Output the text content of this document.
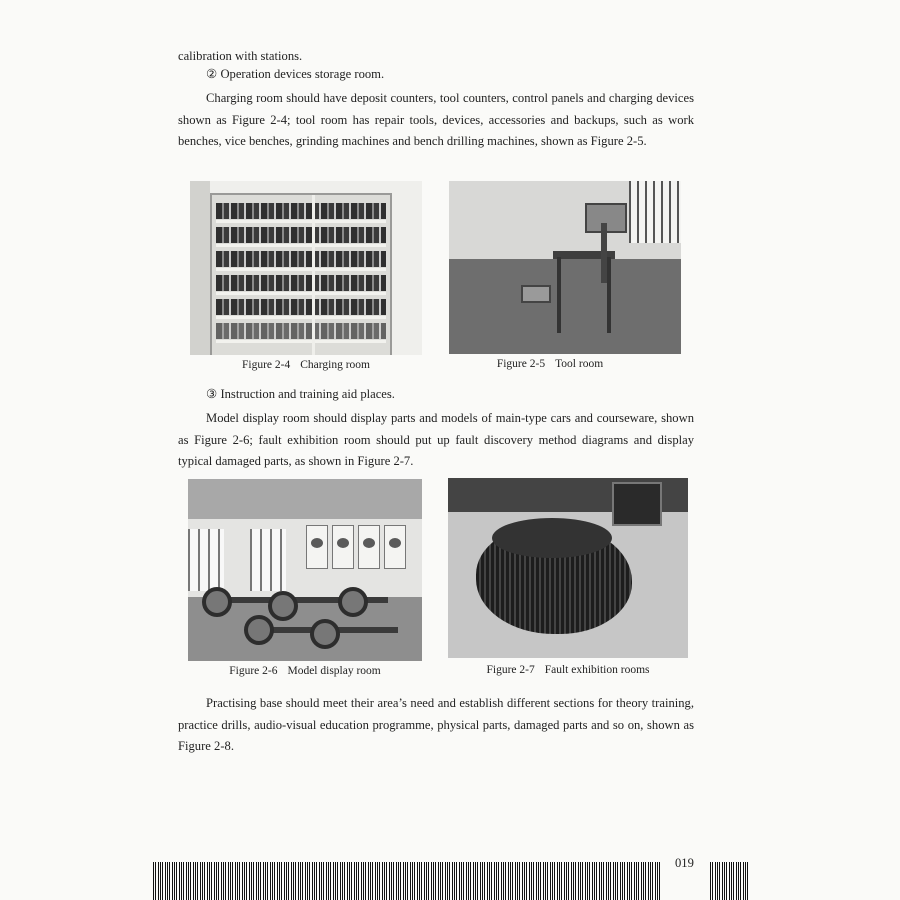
calibration with stations.
② Operation devices storage room.
Charging room should have deposit counters, tool counters, control panels and charging devices shown as Figure 2-4; tool room has repair tools, devices, accessories and backups, such as work benches, vice benches, grinding machines and bench drilling machines, shown as Figure 2-5.
Figure 2-4 Charging room	Figure 2-5 Tool room
③ Instruction and training aid places.
Model display room should display parts and models of main-type cars and courseware, shown as Figure 2-6; fault exhibition room should put up fault discovery method diagrams and display typical damaged parts, as shown in Figure 2-7.
Figure 2-6 Model display room	Figure 2-7 Fault exhibition rooms
Practising base should meet their area’s need and establish different sections for theory training, practice drills, audio-visual education programme, physical parts, damaged parts and so on, shown as Figure 2-8.
019
